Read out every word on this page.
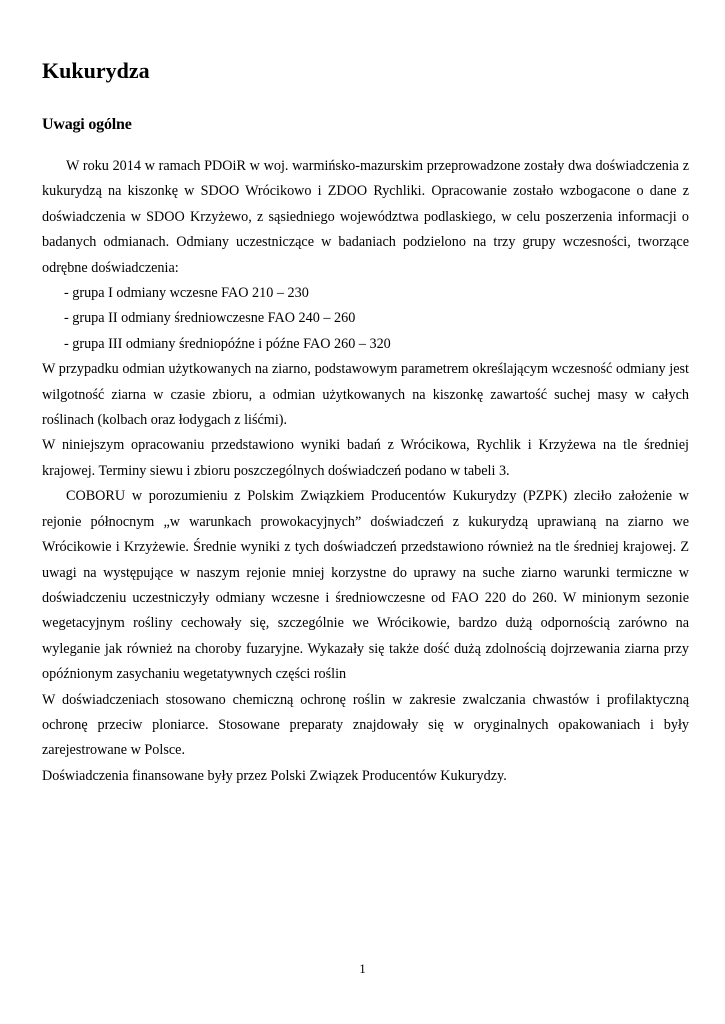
Kukurydza
Uwagi ogólne

W roku 2014 w ramach PDOiR w woj. warmińsko-mazurskim przeprowadzone zostały dwa doświadczenia z kukurydzą na kiszonkę w SDOO Wrócikowo i ZDOO Rychliki. Opracowanie zostało wzbogacone o dane z doświadczenia w SDOO Krzyżewo, z sąsiedniego województwa podlaskiego, w celu poszerzenia informacji o badanych odmianach. Odmiany uczestniczące w badaniach podzielono na trzy grupy wczesności, tworzące odrębne doświadczenia:

- grupa I odmiany wczesne FAO 210 – 230

- grupa II odmiany średniowczesne FAO 240 – 260

- grupa III odmiany średniopóźne i późne FAO 260 – 320

W przypadku odmian użytkowanych na ziarno, podstawowym parametrem określającym wczesność odmiany jest wilgotność ziarna w czasie zbioru, a odmian użytkowanych na kiszonkę zawartość suchej masy w całych roślinach (kolbach oraz łodygach z liśćmi).

W niniejszym opracowaniu przedstawiono wyniki badań z Wrócikowa, Rychlik i Krzyżewa na tle średniej krajowej. Terminy siewu i zbioru poszczególnych doświadczeń podano w tabeli 3.

COBORU w porozumieniu z Polskim Związkiem Producentów Kukurydzy (PZPK) zleciło założenie w rejonie północnym „w warunkach prowokacyjnych” doświadczeń z kukurydzą uprawianą na ziarno we Wrócikowie i Krzyżewie. Średnie wyniki z tych doświadczeń przedstawiono również na tle średniej krajowej. Z uwagi na występujące w naszym rejonie mniej korzystne do uprawy na suche ziarno warunki termiczne w doświadczeniu uczestniczyły odmiany wczesne i średniowczesne od FAO 220 do 260. W minionym sezonie wegetacyjnym rośliny cechowały się, szczególnie we Wrócikowie, bardzo dużą odpornością zarówno na wyleganie jak również na choroby fuzaryjne. Wykazały się także dość dużą zdolnością dojrzewania ziarna przy opóźnionym zasychaniu wegetatywnych części roślin

W doświadczeniach stosowano chemiczną ochronę roślin w zakresie zwalczania chwastów i profilaktyczną ochronę przeciw ploniarce. Stosowane preparaty znajdowały się w oryginalnych opakowaniach i były zarejestrowane w Polsce.

Doświadczenia finansowane były przez Polski Związek Producentów Kukurydzy.

1
